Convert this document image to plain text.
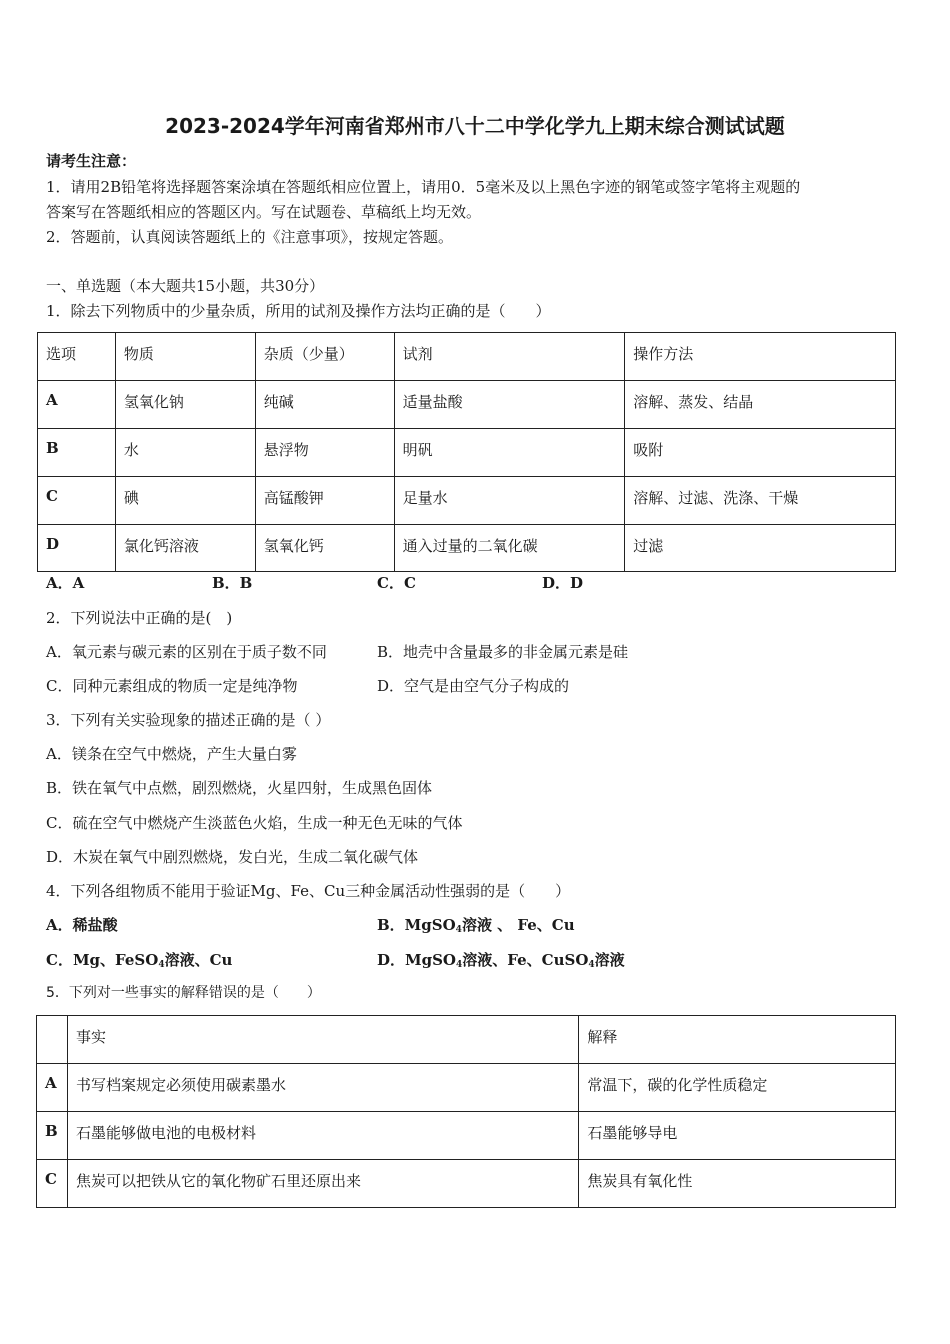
2023-2024学年河南省郑州市八十二中学化学九上期末综合测试试题
请考生注意：
1．请用2B铅笔将选择题答案涂填在答题纸相应位置上，请用0．5毫米及以上黑色字迹的钢笔或签字笔将主观题的
答案写在答题纸相应的答题区内。写在试题卷、草稿纸上均无效。
2．答题前，认真阅读答题纸上的《注意事项》，按规定答题。
一、单选题（本大题共15小题，共30分）
1．除去下列物质中的少量杂质，所用的试剂及操作方法均正确的是（　　）
选项	物质	杂质（少量）	试剂	操作方法
A	氢氧化钠	纯碱	适量盐酸	溶解、蒸发、结晶
B	水	悬浮物	明矾	吸附
C	碘	高锰酸钾	足量水	溶解、过滤、洗涤、干燥
D	氯化钙溶液	氢氧化钙	通入过量的二氧化碳	过滤
A．A	B．B	C．C	D．D
2．下列说法中正确的是(　)
A．氧元素与碳元素的区别在于质子数不同	B．地壳中含量最多的非金属元素是硅
C．同种元素组成的物质一定是纯净物	D．空气是由空气分子构成的
3．下列有关实验现象的描述正确的是（ ）
A．镁条在空气中燃烧，产生大量白雾
B．铁在氧气中点燃，剧烈燃烧，火星四射，生成黑色固体
C．硫在空气中燃烧产生淡蓝色火焰，生成一种无色无味的气体
D．木炭在氧气中剧烈燃烧，发白光，生成二氧化碳气体
4．下列各组物质不能用于验证Mg、Fe、Cu三种金属活动性强弱的是（　　）
A．稀盐酸	B．MgSO$_4$溶液 、 Fe、Cu
C．Mg、FeSO$_4$溶液、Cu	D．MgSO$_4$溶液、Fe、CuSO$_4$溶液
5．下列对一些事实的解释错误的是（　　）
	事实	解释
A	书写档案规定必须使用碳素墨水	常温下，碳的化学性质稳定
B	石墨能够做电池的电极材料	石墨能够导电
C	焦炭可以把铁从它的氧化物矿石里还原出来	焦炭具有氧化性
